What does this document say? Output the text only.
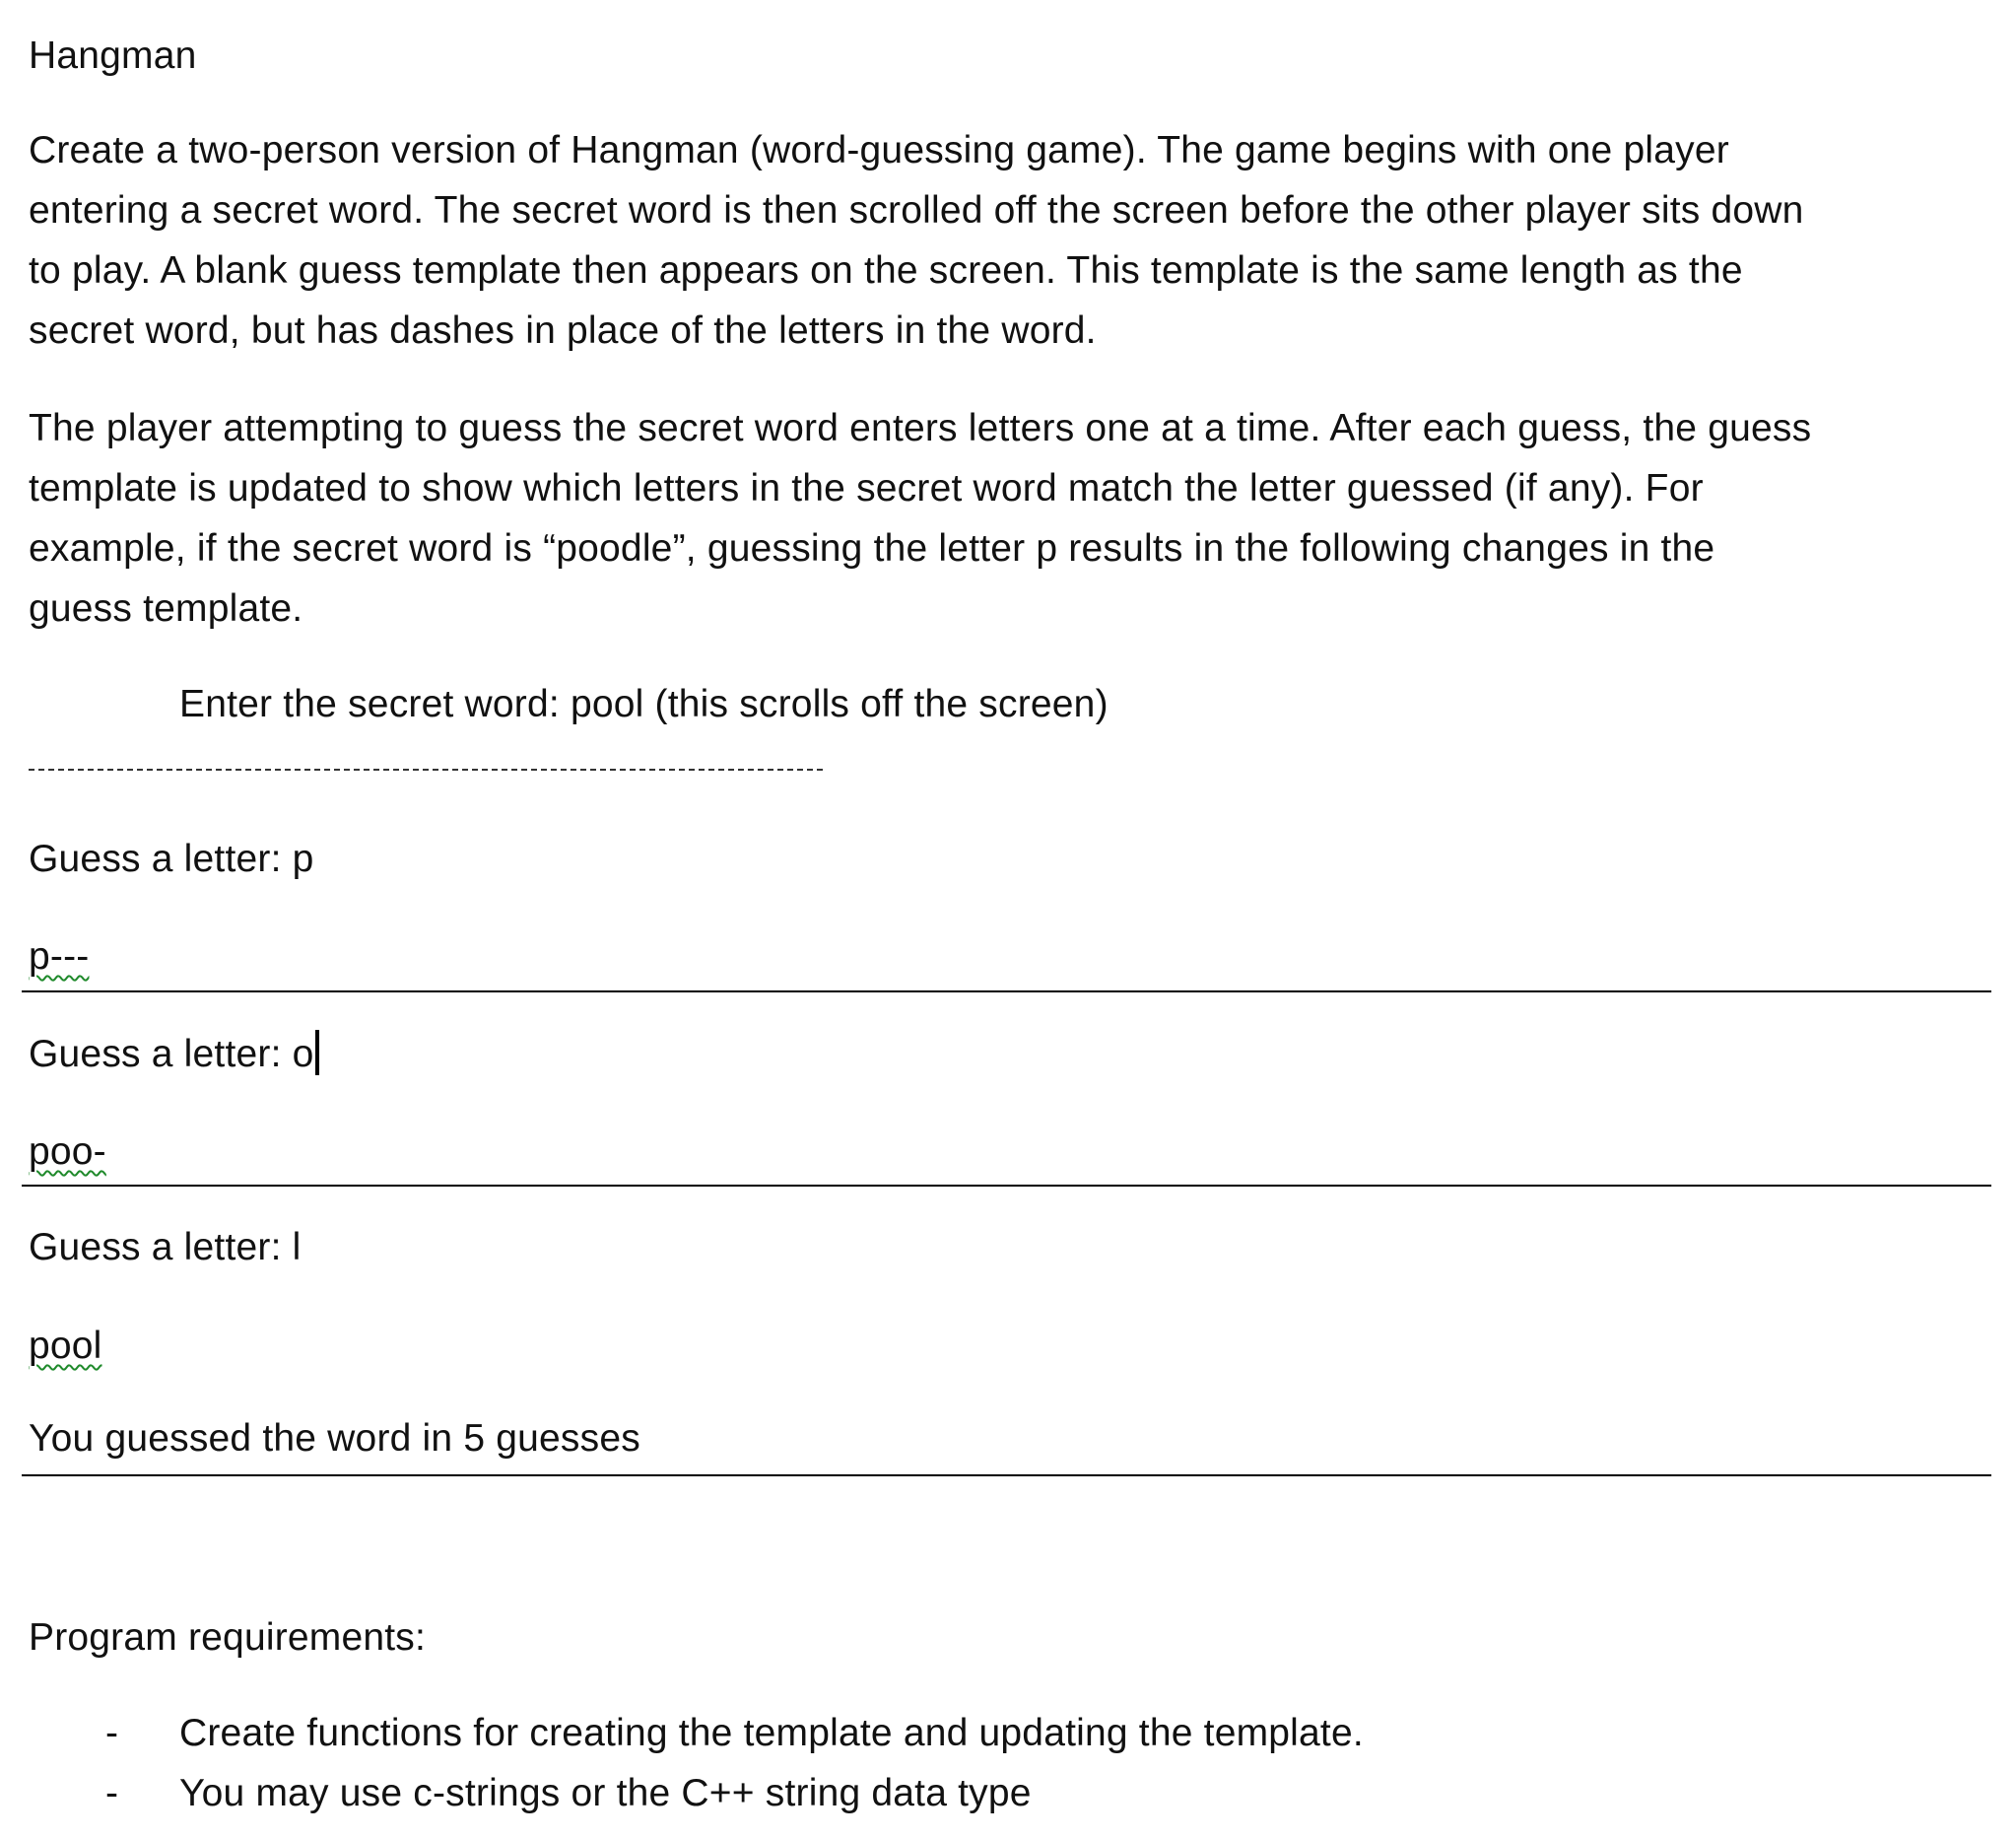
Hangman
Create a two-person version of Hangman (word-guessing game). The game begins with one player
entering a secret word. The secret word is then scrolled off the screen before the other player sits down
to play. A blank guess template then appears on the screen. This template is the same length as the
secret word, but has dashes in place of the letters in the word.
The player attempting to guess the secret word enters letters one at a time. After each guess, the guess
template is updated to show which letters in the secret word match the letter guessed (if any). For
example, if the secret word is “poodle”, guessing the letter p results in the following changes in the
guess template.
Enter the secret word: pool (this scrolls off the screen)
Guess a letter: p
p---
Guess a letter: o
poo-
Guess a letter: l
pool
You guessed the word in 5 guesses
Program requirements:
- Create functions for creating the template and updating the template.
- You may use c-strings or the C++ string data type
